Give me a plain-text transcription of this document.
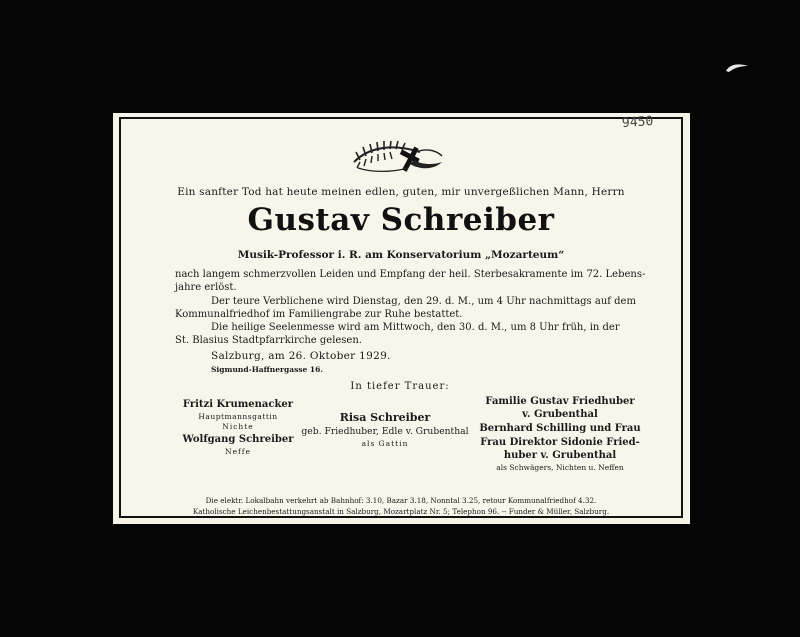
9450
Ein sanfter Tod hat heute meinen edlen, guten, mir unvergeßlichen Mann, Herrn
Gustav Schreiber
Musik-Professor i. R. am Konservatorium „Mozarteum“
nach langem schmerzvollen Leiden und Empfang der heil. Sterbesakramente im 72. Lebens-
jahre erlöst.
Der teure Verblichene wird Dienstag, den 29. d. M., um 4 Uhr nachmittags auf dem
Kommunalfriedhof im Familiengrabe zur Ruhe bestattet.
Die heilige Seelenmesse wird am Mittwoch, den 30. d. M., um 8 Uhr früh, in der
St. Blasius Stadtpfarrkirche gelesen.
Salzburg, am 26. Oktober 1929.
Sigmund-Haffnergasse 16.
In tiefer Trauer:
Fritzi Krumenacker
Hauptmannsgattin
Nichte
Wolfgang Schreiber
Neffe
Risa Schreiber
geb. Friedhuber, Edle v. Grubenthal
als Gattin
Familie Gustav Friedhuber
v. Grubenthal
Bernhard Schilling und Frau
Frau Direktor Sidonie Fried-
huber v. Grubenthal
als Schwägers, Nichten u. Neffen
Die elektr. Lokalbahn verkehrt ab Bahnhof: 3.10, Bazar 3.18, Nonntal 3.25, retour Kommunalfriedhof 4.32.
Katholische Leichenbestattungsanstalt in Salzburg, Mozartplatz Nr. 5; Telephon 96. -- Funder & Müller, Salzburg.
